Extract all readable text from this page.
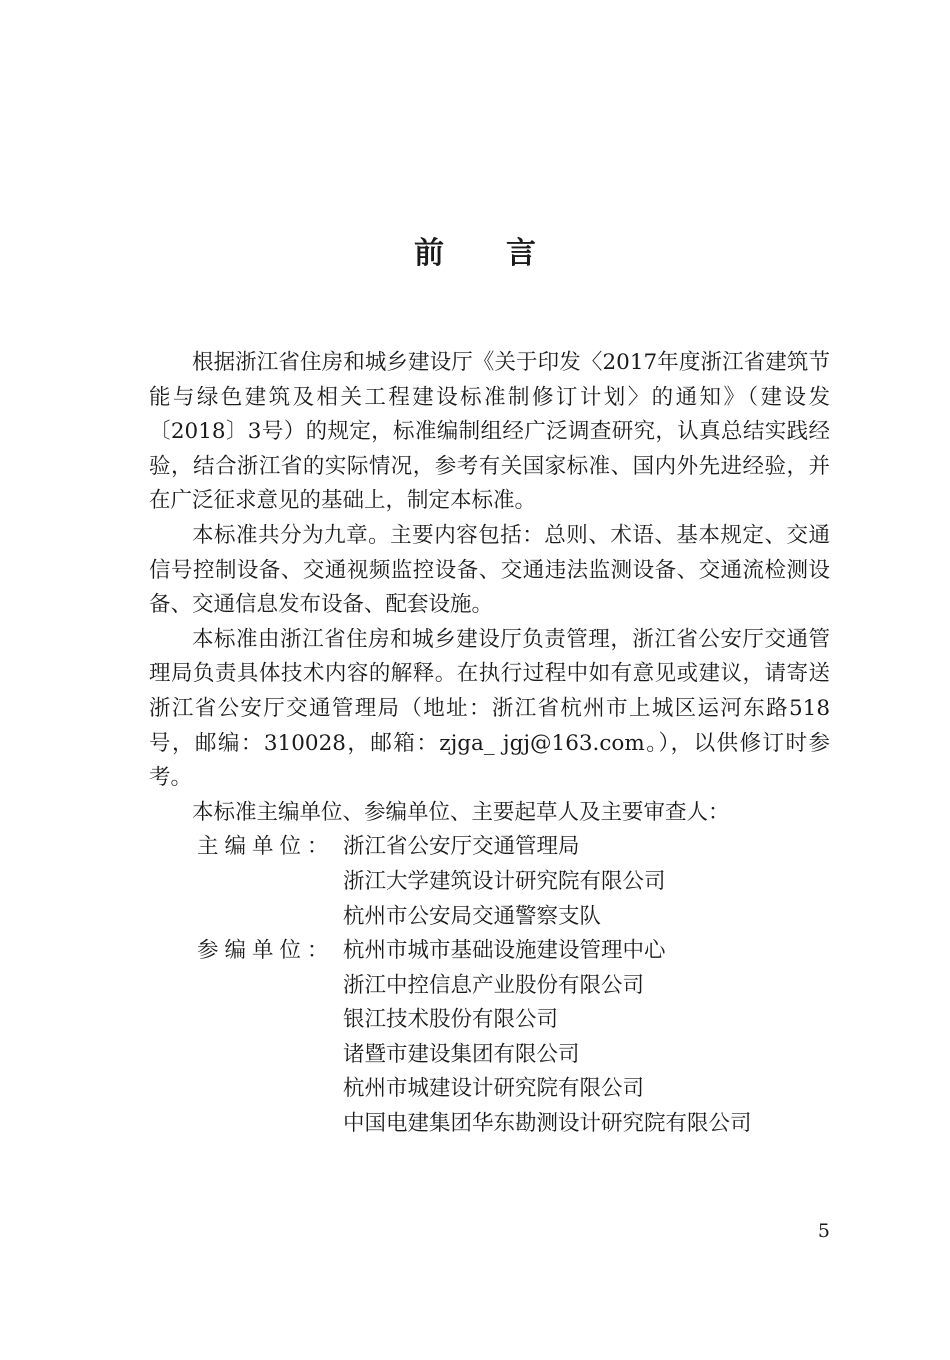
前言

根据浙江省住房和城乡建设厅《关于印发〈2017年度浙江省建筑节能与绿色建筑及相关工程建设标准制修订计划〉的通知》（建设发〔2018〕3号）的规定，标准编制组经广泛调查研究，认真总结实践经验，结合浙江省的实际情况，参考有关国家标准、国内外先进经验，并在广泛征求意见的基础上，制定本标准。

本标准共分为九章。主要内容包括：总则、术语、基本规定、交通信号控制设备、交通视频监控设备、交通违法监测设备、交通流检测设备、交通信息发布设备、配套设施。

本标准由浙江省住房和城乡建设厅负责管理，浙江省公安厅交通管理局负责具体技术内容的解释。在执行过程中如有意见或建议，请寄送浙江省公安厅交通管理局（地址：浙江省杭州市上城区运河东路518号，邮编：310028，邮箱：zjga_ jgj@163.com。），以供修订时参考。

本标准主编单位、参编单位、主要起草人及主要审查人：

主编单位： 浙江省公安厅交通管理局
浙江大学建筑设计研究院有限公司
杭州市公安局交通警察支队
参编单位： 杭州市城市基础设施建设管理中心
浙江中控信息产业股份有限公司
银江技术股份有限公司
诸暨市建设集团有限公司
杭州市城建设计研究院有限公司
中国电建集团华东勘测设计研究院有限公司
5
